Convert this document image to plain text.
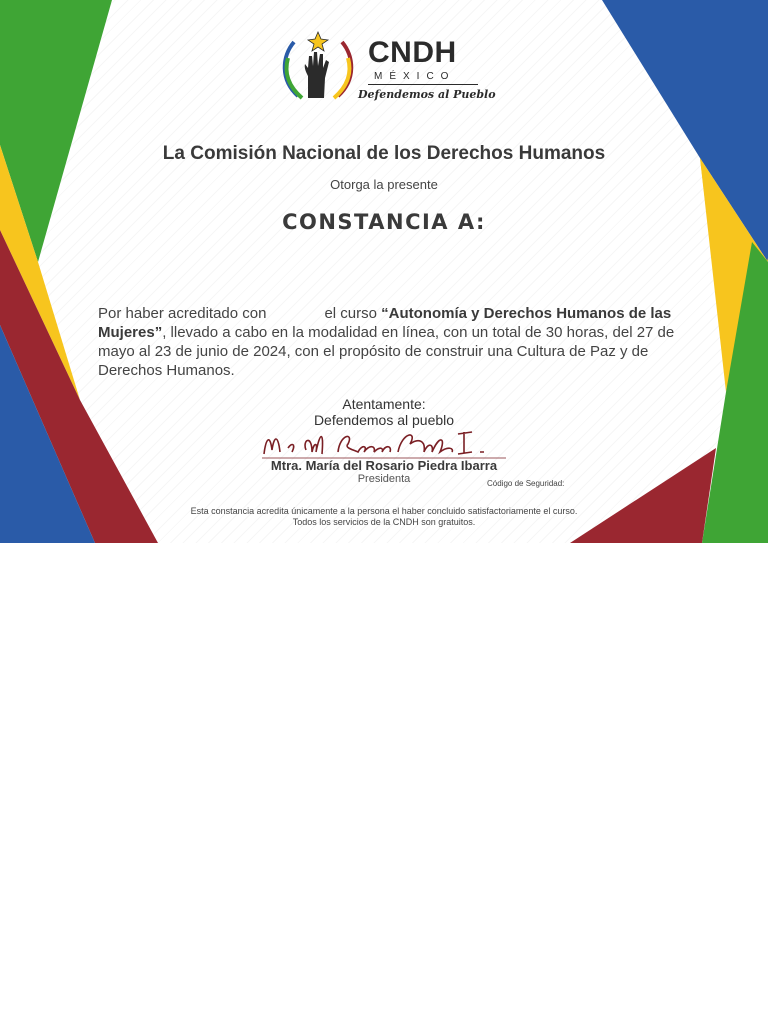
CNDH
MÉXICO
Defendemos al Pueblo
La Comisión Nacional de los Derechos Humanos
Otorga la presente
CONSTANCIA A:
Por haber acreditado con	el curso “Autonomía y Derechos Humanos de las Mujeres”, llevado a cabo en la modalidad en línea, con un total de 30 horas, del 27 de mayo al 23 de junio de 2024, con el propósito de construir una Cultura de Paz y de Derechos Humanos.
Atentamente:
Defendemos al pueblo
Mtra. María del Rosario Piedra Ibarra
Presidenta	Código de Seguridad:
Esta constancia acredita únicamente a la persona el haber concluido satisfactoriamente el curso.
Todos los servicios de la CNDH son gratuitos.
